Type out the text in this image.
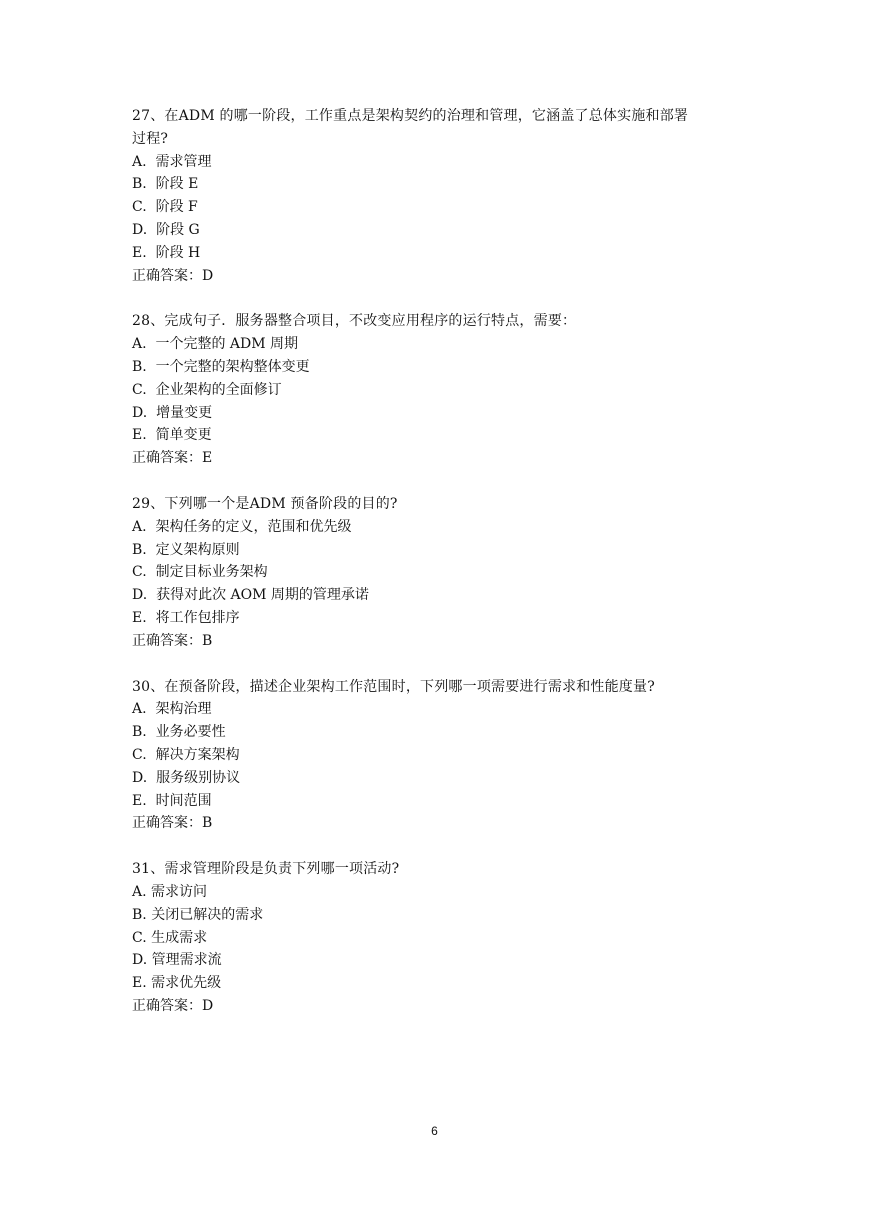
27、在ADM 的哪一阶段，工作重点是架构契约的治理和管理，它涵盖了总体实施和部署过程?

A.  需求管理
B.  阶段 E
C.  阶段 F
D.  阶段 G
E.  阶段 H

正确答案：D

28、完成句子．服务器整合项目，不改变应用程序的运行特点，需要：

A.  一个完整的 ADM 周期
B.  一个完整的架构整体变更
C.  企业架构的全面修订
D.  增量变更
E.  简单变更

正确答案：E

29、下列哪一个是ADM 预备阶段的目的?

A.  架构任务的定义，范围和优先级
B.  定义架构原则
C.  制定目标业务架构
D.  获得对此次 AOM 周期的管理承诺
E.  将工作包排序

正确答案：B

30、在预备阶段，描述企业架构工作范围时，下列哪一项需要进行需求和性能度量?

A.  架构治理
B.  业务必要性
C.  解决方案架构
D.  服务级别协议
E.  时间范围

正确答案：B

31、需求管理阶段是负责下列哪一项活动?

A. 需求访问
B. 关闭已解决的需求
C. 生成需求
D. 管理需求流
E. 需求优先级

正确答案：D

6
